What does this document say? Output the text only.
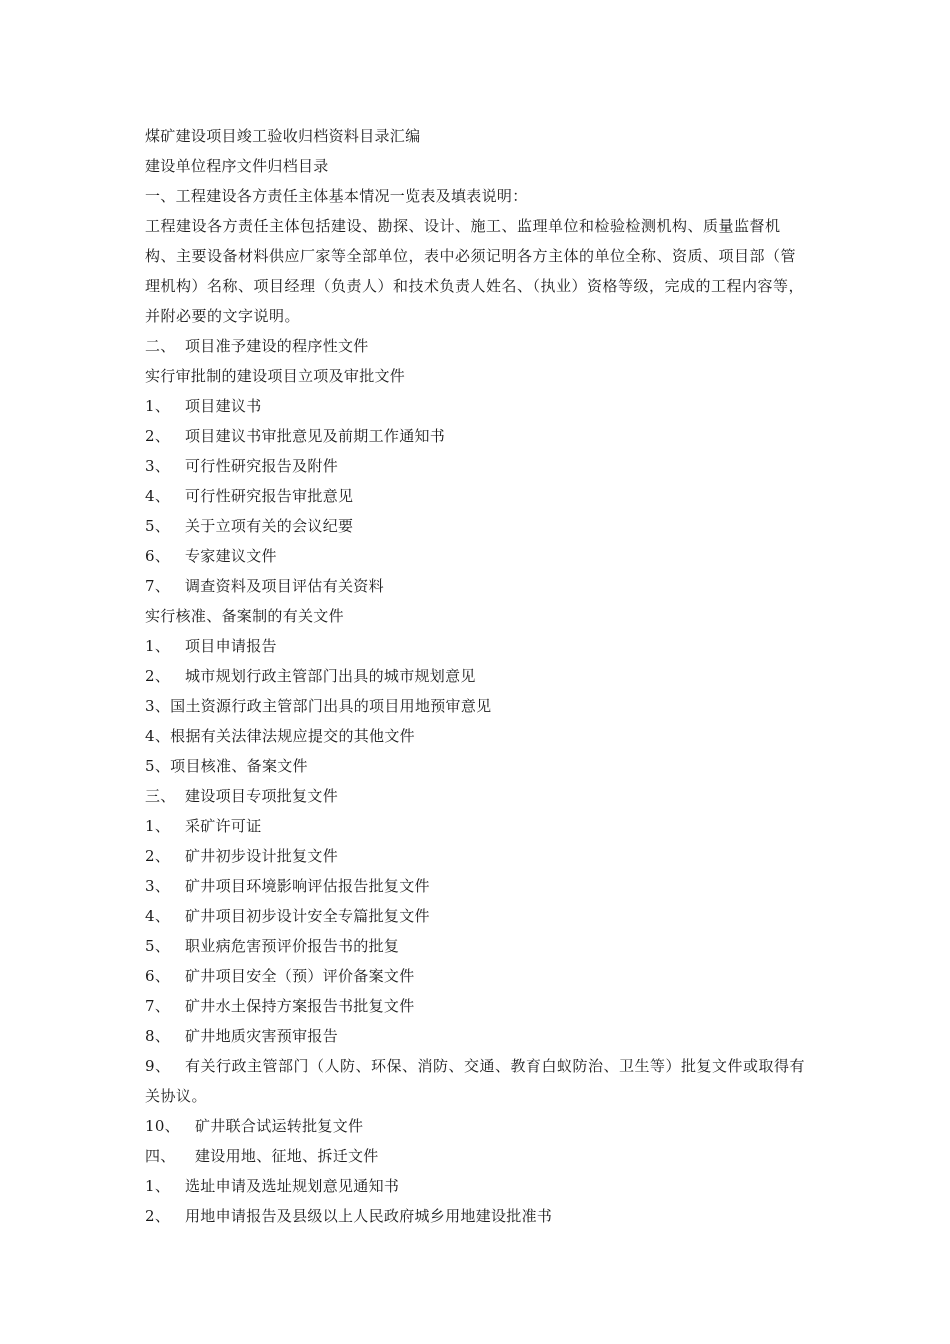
煤矿建设项目竣工验收归档资料目录汇编
建设单位程序文件归档目录
一、工程建设各方责任主体基本情况一览表及填表说明：
工程建设各方责任主体包括建设、勘探、设计、施工、监理单位和检验检测机构、质量监督机构、主要设备材料供应厂家等全部单位，表中必须记明各方主体的单位全称、资质、项目部（管理机构）名称、项目经理（负责人）和技术负责人姓名、（执业）资格等级，完成的工程内容等，并附必要的文字说明。
二、 项目准予建设的程序性文件
实行审批制的建设项目立项及审批文件
1、 项目建议书
2、 项目建议书审批意见及前期工作通知书
3、 可行性研究报告及附件
4、 可行性研究报告审批意见
5、 关于立项有关的会议纪要
6、 专家建议文件
7、 调查资料及项目评估有关资料
实行核准、备案制的有关文件
1、 项目申请报告
2、 城市规划行政主管部门出具的城市规划意见
3、国土资源行政主管部门出具的项目用地预审意见
4、根据有关法律法规应提交的其他文件
5、项目核准、备案文件
三、 建设项目专项批复文件
1、 采矿许可证
2、 矿井初步设计批复文件
3、 矿井项目环境影响评估报告批复文件
4、 矿井项目初步设计安全专篇批复文件
5、 职业病危害预评价报告书的批复
6、 矿井项目安全（预）评价备案文件
7、 矿井水土保持方案报告书批复文件
8、 矿井地质灾害预审报告
9、 有关行政主管部门（人防、环保、消防、交通、教育白蚁防治、卫生等）批复文件或取得有关协议。
10、 矿井联合试运转批复文件
四、 建设用地、征地、拆迁文件
1、 选址申请及选址规划意见通知书
2、 用地申请报告及县级以上人民政府城乡用地建设批准书
